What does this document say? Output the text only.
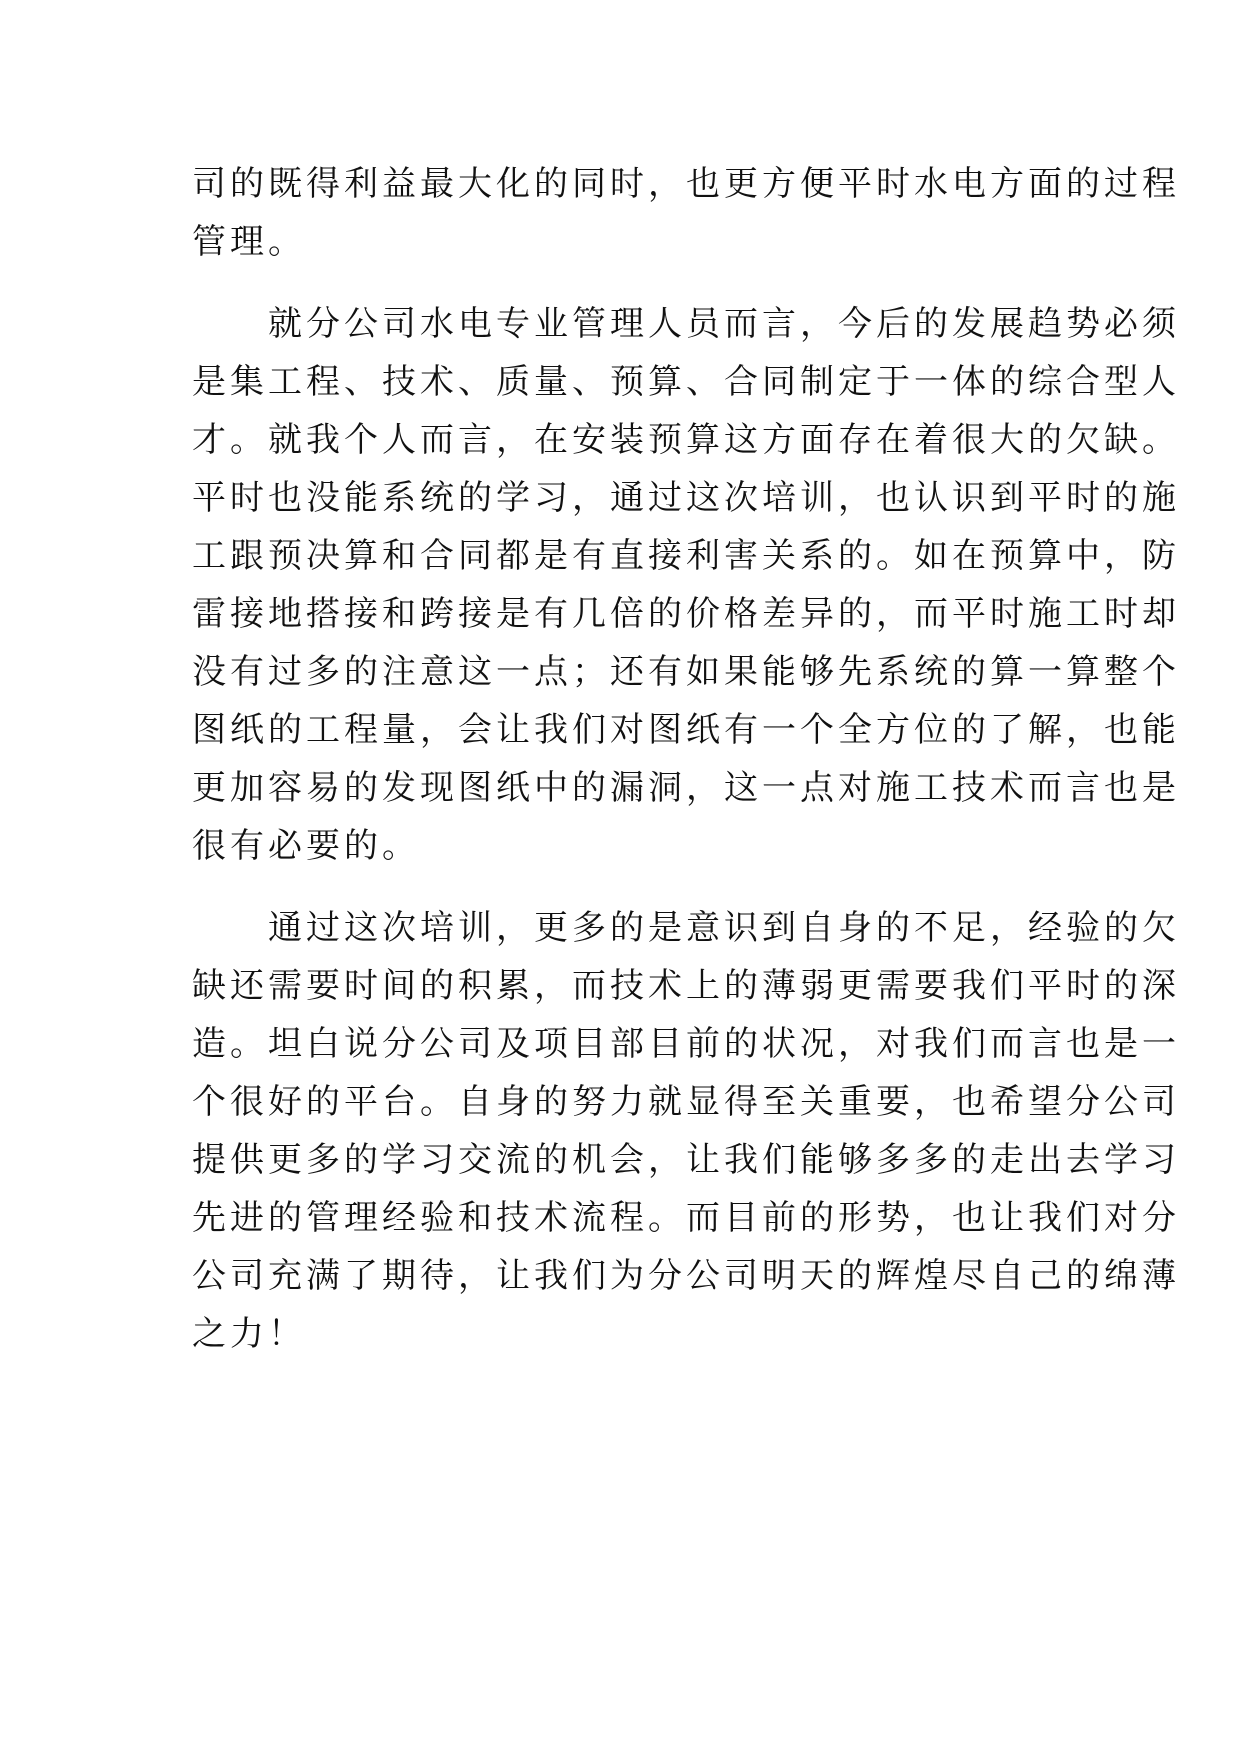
司的既得利益最大化的同时，也更方便平时水电方面的过程
管理。
　　就分公司水电专业管理人员而言，今后的发展趋势必须
是集工程、技术、质量、预算、合同制定于一体的综合型人
才。就我个人而言，在安装预算这方面存在着很大的欠缺。
平时也没能系统的学习，通过这次培训，也认识到平时的施
工跟预决算和合同都是有直接利害关系的。如在预算中，防
雷接地搭接和跨接是有几倍的价格差异的，而平时施工时却
没有过多的注意这一点；还有如果能够先系统的算一算整个
图纸的工程量，会让我们对图纸有一个全方位的了解，也能
更加容易的发现图纸中的漏洞，这一点对施工技术而言也是
很有必要的。
　　通过这次培训，更多的是意识到自身的不足，经验的欠
缺还需要时间的积累，而技术上的薄弱更需要我们平时的深
造。坦白说分公司及项目部目前的状况，对我们而言也是一
个很好的平台。自身的努力就显得至关重要，也希望分公司
提供更多的学习交流的机会，让我们能够多多的走出去学习
先进的管理经验和技术流程。而目前的形势，也让我们对分
公司充满了期待，让我们为分公司明天的辉煌尽自己的绵薄
之力！
